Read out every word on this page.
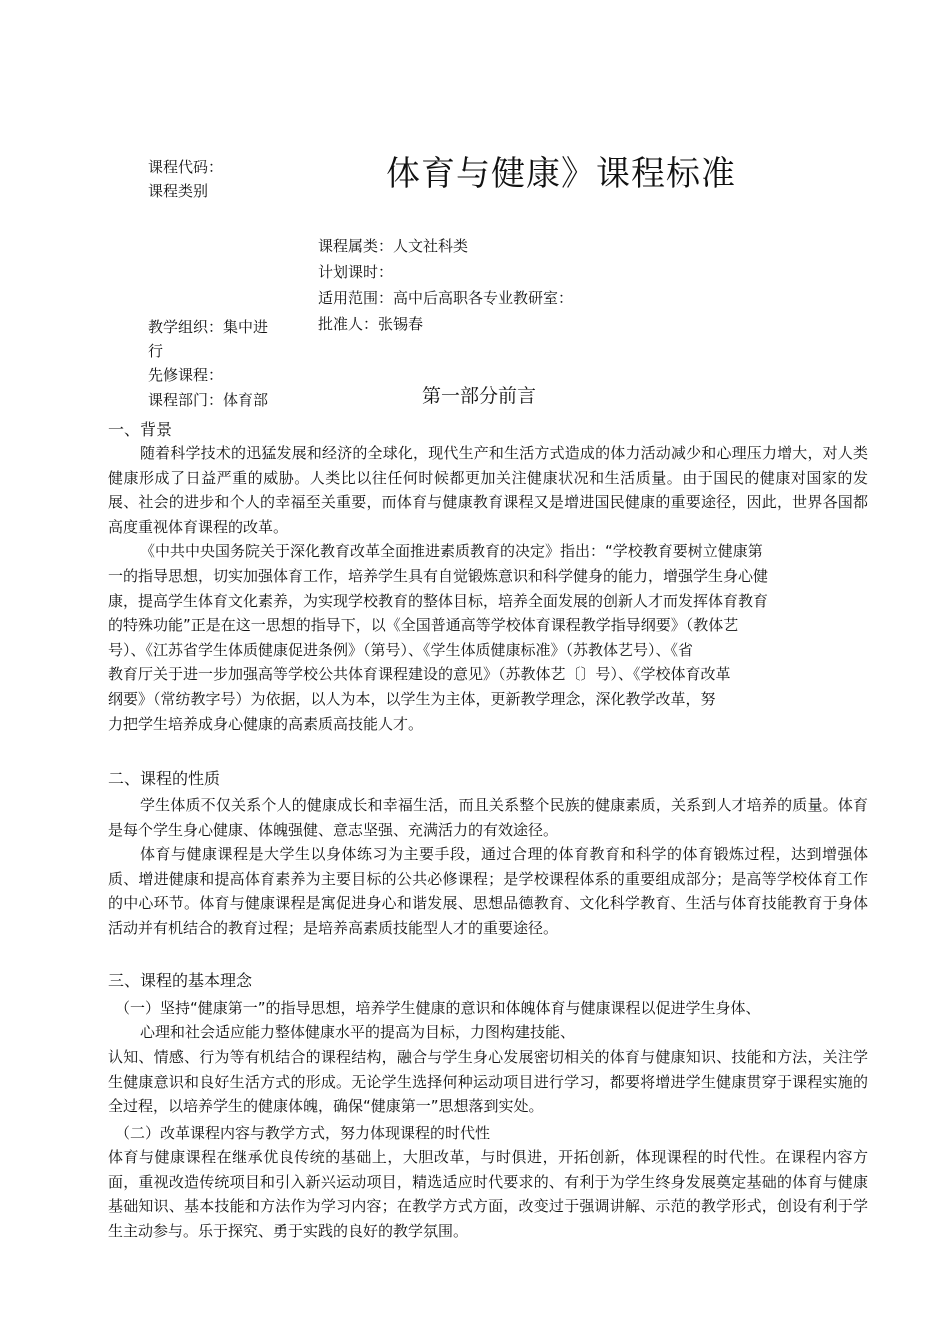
课程代码：
课程类别	体育与健康》课程标准
课程属类：人文社科类
计划课时：
适用范围：高中后高职各专业教研室：
批准人：张锡春
教学组织：集中进
行
先修课程：
课程部门：体育部	第一部分前言
一、背景

随着科学技术的迅猛发展和经济的全球化，现代生产和生活方式造成的体力活动减少和心理压力增大，对人类健康形成了日益严重的威胁。人类比以往任何时候都更加关注健康状况和生活质量。由于国民的健康对国家的发展、社会的进步和个人的幸福至关重要，而体育与健康教育课程又是增进国民健康的重要途径，因此，世界各国都高度重视体育课程的改革。

《中共中央国务院关于深化教育改革全面推进素质教育的决定》指出：“学校教育要树立健康第

一的指导思想，切实加强体育工作，培养学生具有自觉锻炼意识和科学健身的能力，增强学生身心健

康，提高学生体育文化素养，为实现学校教育的整体目标，培养全面发展的创新人才而发挥体育教育

的特殊功能”正是在这一思想的指导下，以《全国普通高等学校体育课程教学指导纲要》（教体艺

号）、《江苏省学生体质健康促进条例》（第号）、《学生体质健康标准》（苏教体艺号）、《省

教育厅关于进一步加强高等学校公共体育课程建设的意见》（苏教体艺〔〕号）、《学校体育改革

纲要》（常纺教字号）为依据，以人为本，以学生为主体，更新教学理念，深化教学改革，努

力把学生培养成身心健康的高素质高技能人才。

二、课程的性质

学生体质不仅关系个人的健康成长和幸福生活，而且关系整个民族的健康素质，关系到人才培养的质量。体育是每个学生身心健康、体魄强健、意志坚强、充满活力的有效途径。

体育与健康课程是大学生以身体练习为主要手段，通过合理的体育教育和科学的体育锻炼过程，达到增强体质、增进健康和提高体育素养为主要目标的公共必修课程；是学校课程体系的重要组成部分；是高等学校体育工作的中心环节。体育与健康课程是寓促进身心和谐发展、思想品德教育、文化科学教育、生活与体育技能教育于身体活动并有机结合的教育过程；是培养高素质技能型人才的重要途径。

三、课程的基本理念
（一）坚持“健康第一”的指导思想，培养学生健康的意识和体魄体育与健康课程以促进学生身体、
心理和社会适应能力整体健康水平的提高为目标，力图构建技能、

认知、情感、行为等有机结合的课程结构，融合与学生身心发展密切相关的体育与健康知识、技能和方法，关注学生健康意识和良好生活方式的形成。无论学生选择何种运动项目进行学习，都要将增进学生健康贯穿于课程实施的全过程，以培养学生的健康体魄，确保“健康第一”思想落到实处。

（二）改革课程内容与教学方式，努力体现课程的时代性

体育与健康课程在继承优良传统的基础上，大胆改革，与时俱进，开拓创新，体现课程的时代性。在课程内容方面，重视改造传统项目和引入新兴运动项目，精选适应时代要求的、有利于为学生终身发展奠定基础的体育与健康基础知识、基本技能和方法作为学习内容；在教学方式方面，改变过于强调讲解、示范的教学形式，创设有利于学生主动参与。乐于探究、勇于实践的良好的教学氛围。
